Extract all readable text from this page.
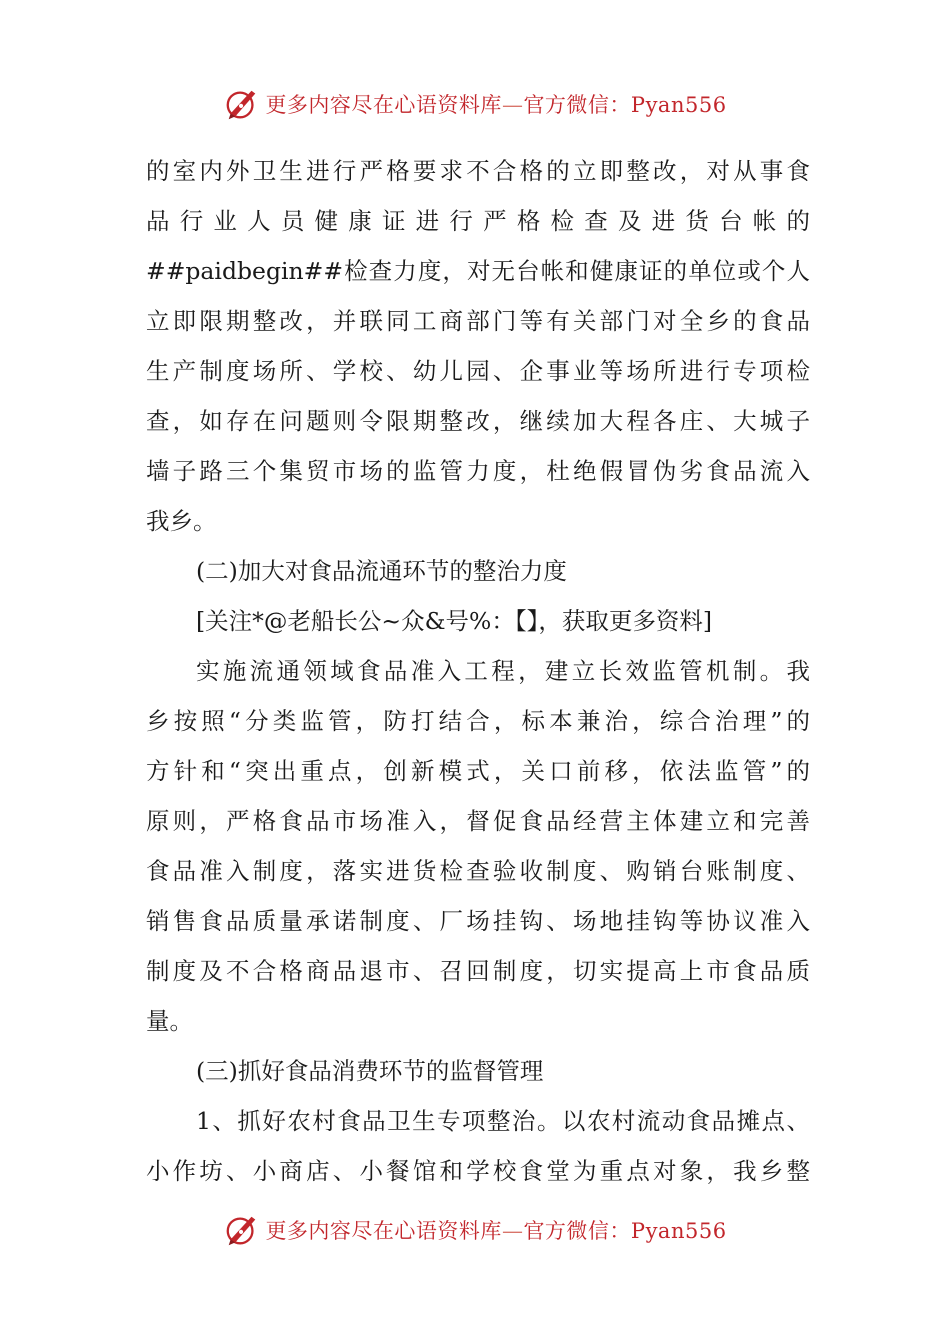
更多内容尽在心语资料库—官方微信：Pyan556
的室内外卫生进行严格要求不合格的立即整改，对从事食
品行业人员健康证进行严格检查及进货台帐的
##paidbegin##检查力度，对无台帐和健康证的单位或个人
立即限期整改，并联同工商部门等有关部门对全乡的食品
生产制度场所、学校、幼儿园、企事业等场所进行专项检
查，如存在问题则令限期整改，继续加大程各庄、大城子
墙子路三个集贸市场的监管力度，杜绝假冒伪劣食品流入
我乡。
(二)加大对食品流通环节的整治力度
[关注*@老船长公~众&号%：【】，获取更多资料]
实施流通领域食品准入工程，建立长效监管机制。我
乡按照“分类监管，防打结合，标本兼治，综合治理”的
方针和“突出重点，创新模式，关口前移，依法监管”的
原则，严格食品市场准入，督促食品经营主体建立和完善
食品准入制度，落实进货检查验收制度、购销台账制度、
销售食品质量承诺制度、厂场挂钩、场地挂钩等协议准入
制度及不合格商品退市、召回制度，切实提高上市食品质
量。
(三)抓好食品消费环节的监督管理
1、抓好农村食品卫生专项整治。以农村流动食品摊点、
小作坊、小商店、小餐馆和学校食堂为重点对象，我乡整
更多内容尽在心语资料库—官方微信：Pyan556
